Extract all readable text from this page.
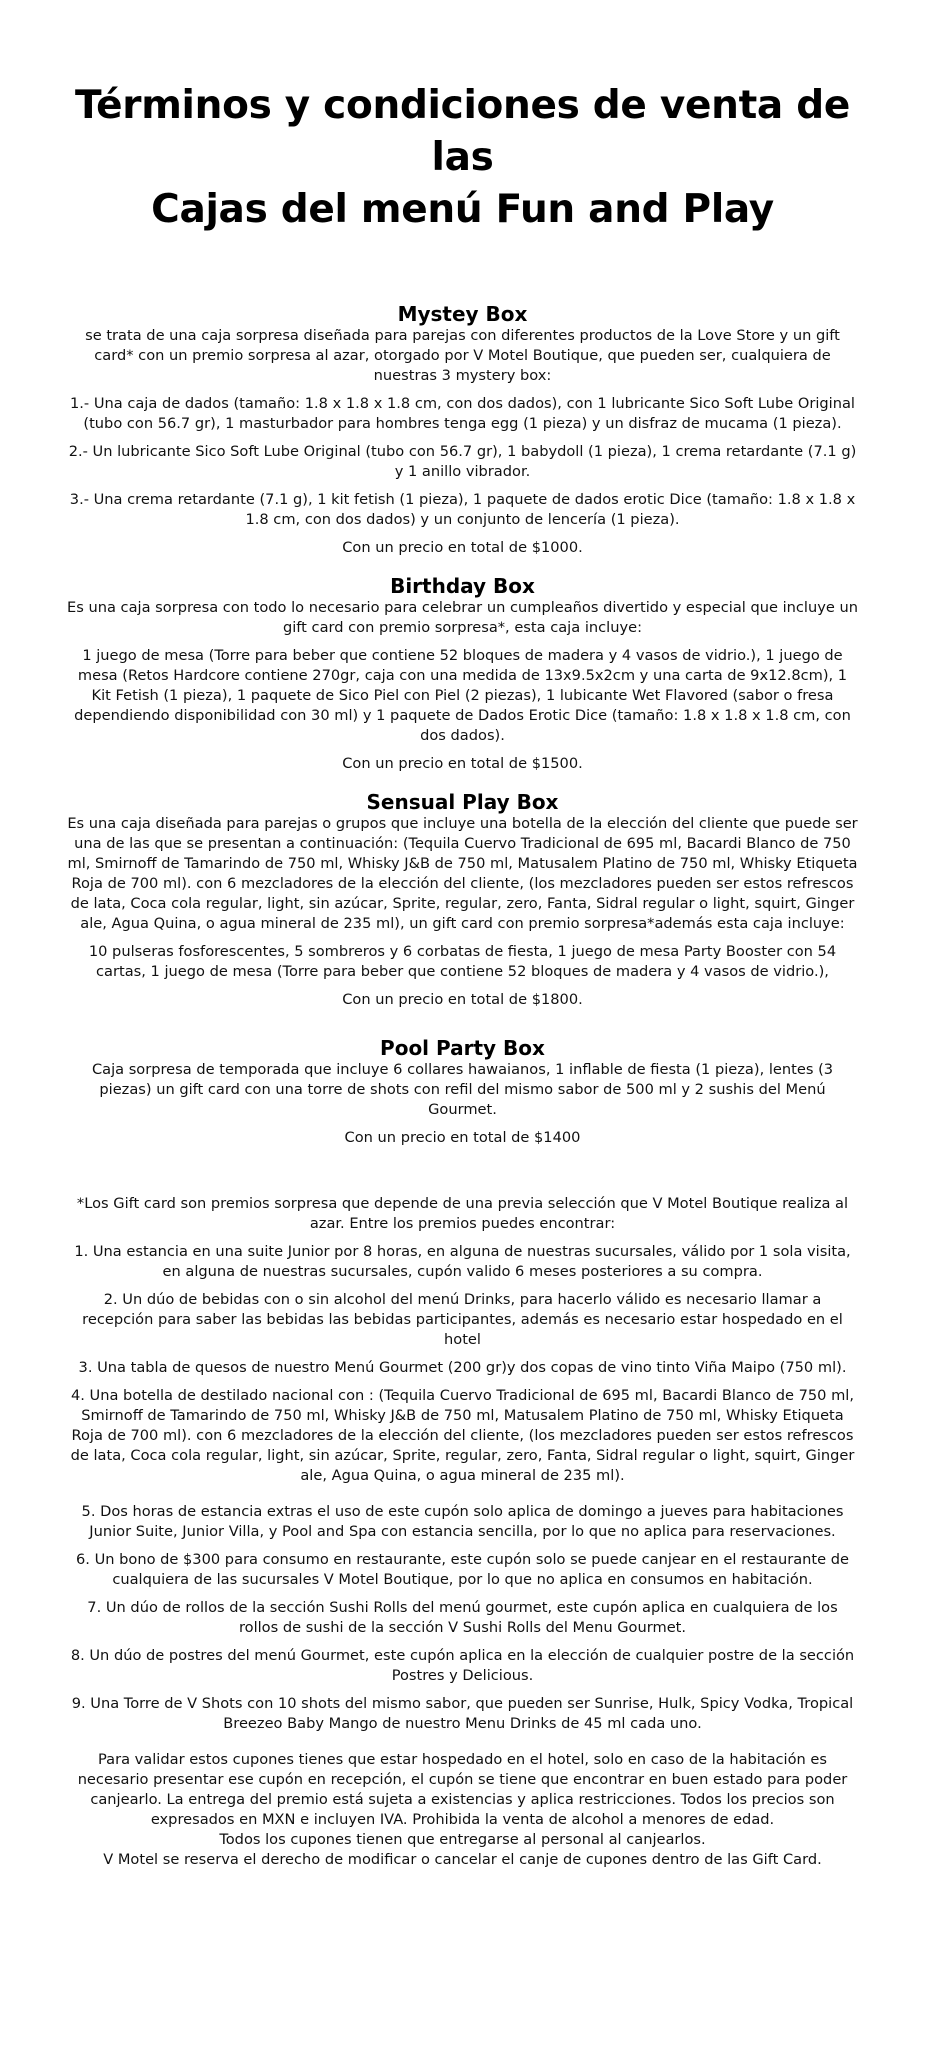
Términos y condiciones de venta de las
Cajas del menú Fun and Play
Mystey Box

se trata de una caja sorpresa diseñada para parejas con diferentes productos de la Love Store y un gift card* con un premio sorpresa al azar, otorgado por V Motel Boutique, que pueden ser, cualquiera de nuestras 3 mystery box:

1.- Una caja de dados (tamaño: 1.8 x 1.8 x 1.8 cm, con dos dados), con 1 lubricante Sico Soft Lube Original (tubo con 56.7 gr), 1 masturbador para hombres tenga egg (1 pieza) y un disfraz de mucama (1 pieza).

2.- Un lubricante Sico Soft Lube Original (tubo con 56.7 gr), 1 babydoll (1 pieza), 1 crema retardante (7.1 g) y 1 anillo vibrador.

3.- Una crema retardante (7.1 g), 1 kit fetish (1 pieza), 1 paquete de dados erotic Dice (tamaño: 1.8 x 1.8 x 1.8 cm, con dos dados) y un conjunto de lencería (1 pieza).

Con un precio en total de $1000.

Birthday Box

Es una caja sorpresa con todo lo necesario para celebrar un cumpleaños divertido y especial que incluye un gift card con premio sorpresa*, esta caja incluye:

1 juego de mesa (Torre para beber que contiene 52 bloques de madera y 4 vasos de vidrio.), 1 juego de mesa (Retos Hardcore contiene 270gr, caja con una medida de 13x9.5x2cm y una carta de 9x12.8cm), 1 Kit Fetish (1 pieza), 1 paquete de Sico Piel con Piel (2 piezas), 1 lubicante Wet Flavored (sabor o fresa dependiendo disponibilidad con 30 ml) y 1 paquete de Dados Erotic Dice (tamaño: 1.8 x 1.8 x 1.8 cm, con dos dados).

Con un precio en total de $1500.

Sensual Play Box

Es una caja diseñada para parejas o grupos que incluye una botella de la elección del cliente que puede ser una de las que se presentan a continuación: (Tequila Cuervo Tradicional de 695 ml, Bacardi Blanco de 750 ml, Smirnoff de Tamarindo de 750 ml, Whisky J&B de 750 ml, Matusalem Platino de 750 ml, Whisky Etiqueta Roja de 700 ml). con 6 mezcladores de la elección del cliente, (los mezcladores pueden ser estos refrescos de lata, Coca cola regular, light, sin azúcar, Sprite, regular, zero, Fanta, Sidral regular o light, squirt, Ginger ale, Agua Quina, o agua mineral de 235 ml), un gift card con premio sorpresa*además esta caja incluye:

10 pulseras fosforescentes, 5 sombreros y 6 corbatas de fiesta, 1 juego de mesa Party Booster con 54 cartas, 1 juego de mesa (Torre para beber que contiene 52 bloques de madera y 4 vasos de vidrio.),

Con un precio en total de $1800.

Pool Party Box

Caja sorpresa de temporada que incluye 6 collares hawaianos, 1 inflable de fiesta (1 pieza), lentes (3 piezas) un gift card con una torre de shots con refil del mismo sabor de 500 ml y 2 sushis del Menú Gourmet.

Con un precio en total de $1400

*Los Gift card son premios sorpresa que depende de una previa selección que V Motel Boutique realiza al azar. Entre los premios puedes encontrar:

1. Una estancia en una suite Junior por 8 horas, en alguna de nuestras sucursales, válido por 1 sola visita, en alguna de nuestras sucursales, cupón valido 6 meses posteriores a su compra.

2. Un dúo de bebidas con o sin alcohol del menú Drinks, para hacerlo válido es necesario llamar a recepción para saber las bebidas las bebidas participantes, además es necesario estar hospedado en el hotel

3. Una tabla de quesos de nuestro Menú Gourmet (200 gr)y dos copas de vino tinto Viña Maipo (750 ml).

4. Una botella de destilado nacional con : (Tequila Cuervo Tradicional de 695 ml, Bacardi Blanco de 750 ml, Smirnoff de Tamarindo de 750 ml, Whisky J&B de 750 ml, Matusalem Platino de 750 ml, Whisky Etiqueta Roja de 700 ml). con 6 mezcladores de la elección del cliente, (los mezcladores pueden ser estos refrescos de lata, Coca cola regular, light, sin azúcar, Sprite, regular, zero, Fanta, Sidral regular o light, squirt, Ginger ale, Agua Quina, o agua mineral de 235 ml).

5. Dos horas de estancia extras el uso de este cupón solo aplica de domingo a jueves para habitaciones Junior Suite, Junior Villa, y Pool and Spa con estancia sencilla, por lo que no aplica para reservaciones.

6. Un bono de $300 para consumo en restaurante, este cupón solo se puede canjear en el restaurante de cualquiera de las sucursales V Motel Boutique, por lo que no aplica en consumos en habitación.

7. Un dúo de rollos de la sección Sushi Rolls del menú gourmet, este cupón aplica en cualquiera de los rollos de sushi de la sección V Sushi Rolls del Menu Gourmet.

8. Un dúo de postres del menú Gourmet, este cupón aplica en la elección de cualquier postre de la sección Postres y Delicious.

9. Una Torre de V Shots con 10 shots del mismo sabor, que pueden ser Sunrise, Hulk, Spicy Vodka, Tropical Breezeo Baby Mango de nuestro Menu Drinks de 45 ml cada uno.

Para validar estos cupones tienes que estar hospedado en el hotel, solo en caso de la habitación es necesario presentar ese cupón en recepción, el cupón se tiene que encontrar en buen estado para poder canjearlo. La entrega del premio está sujeta a existencias y aplica restricciones. Todos los precios son expresados en MXN e incluyen IVA. Prohibida la venta de alcohol a menores de edad.

Todos los cupones tienen que entregarse al personal al canjearlos.

V Motel se reserva el derecho de modificar o cancelar el canje de cupones dentro de las Gift Card.
